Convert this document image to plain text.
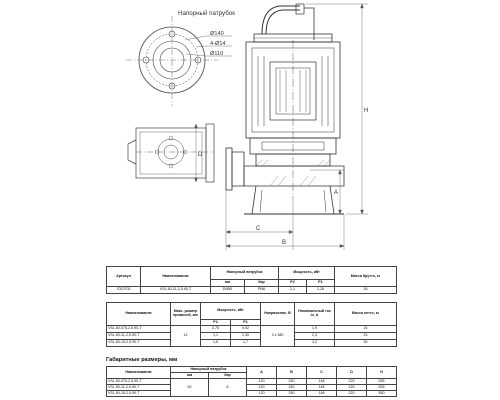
Напорный патрубок
Ø140
4-Ø14
Ø110
D
H
A
C
B
Артикул	Наименование	Напорный патрубок		Мощность, кВт		Масса брутто, кг
		мм	бар	Р2	Р1	
7022702	VSL.50-11-2,5.90-T	DN50	PN6	1,1	1,26	26
Наименование	Макс. размер примесей, мм	Мощность, кВт		Напряжение, В	Номинальный ток In, А	Масса нетто, кг
		Р2	Р1			
VSL.50-075-2,5.90-T	12	0,75	0,92	3 х 380	1,9	24
VSL.50-11-2,5.90-T		1,1	1,30		2,3	24
VSL.50-15-2,5.90-T		1,5	1,7		3,2	30
Габаритные размеры, мм
Наименование	Напорный патрубок		A	B	C	D	H
	мм	бар					
VSL.50-075-2,5.90-T	50	6	120	240	148	220	535
VSL.50-11-2,5.90-T			120	240	148	220	535
VSL.50-15-2,5.90-T			120	250	148	220	550
